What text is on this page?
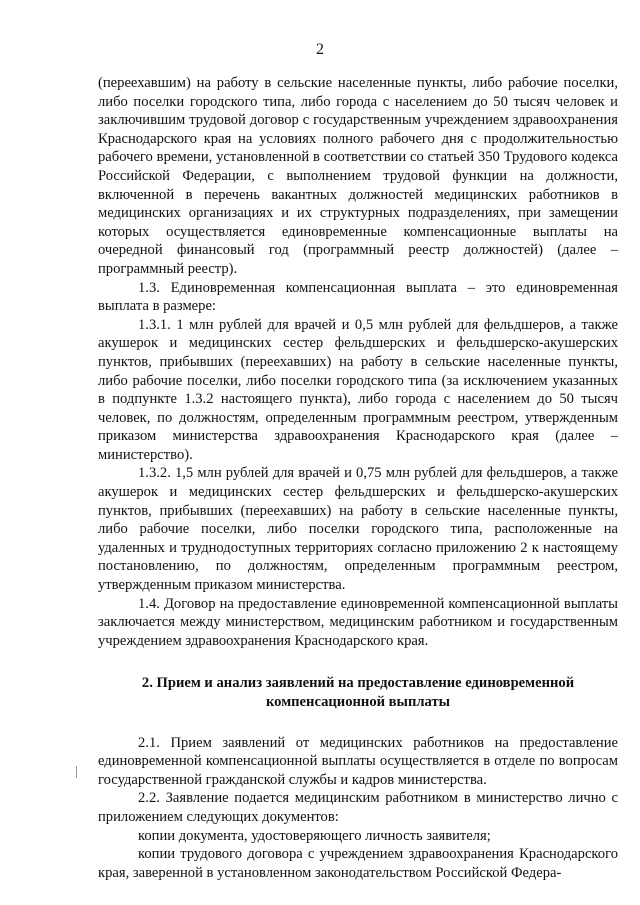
2

(переехавшим) на работу в сельские населенные пункты, либо рабочие поселки, либо поселки городского типа, либо города с населением до 50 тысяч человек и заключившим трудовой договор с государственным учреждением здравоохранения Краснодарского края на условиях полного рабочего дня с продолжительностью рабочего времени, установленной в соответствии со статьей 350 Трудового кодекса Российской Федерации, с выполнением трудовой функции на должности, включенной в перечень вакантных должностей медицинских работников в медицинских организациях и их структурных подразделениях, при замещении которых осуществляется единовременные компенсационные выплаты на очередной финансовый год (программный реестр должностей) (далее – программный реестр).

1.3. Единовременная компенсационная выплата – это единовременная выплата в размере:

1.3.1. 1 млн рублей для врачей и 0,5 млн рублей для фельдшеров, а также акушерок и медицинских сестер фельдшерских и фельдшерско-акушерских пунктов, прибывших (переехавших) на работу в сельские населенные пункты, либо рабочие поселки, либо поселки городского типа (за исключением указанных в подпункте 1.3.2 настоящего пункта), либо города с населением до 50 тысяч человек, по должностям, определенным программным реестром, утвержденным приказом министерства здравоохранения Краснодарского края (далее – министерство).

1.3.2. 1,5 млн рублей для врачей и 0,75 млн рублей для фельдшеров, а также акушерок и медицинских сестер фельдшерских и фельдшерско-акушерских пунктов, прибывших (переехавших) на работу в сельские населенные пункты, либо рабочие поселки, либо поселки городского типа, расположенные на удаленных и труднодоступных территориях согласно приложению 2 к настоящему постановлению, по должностям, определенным программным реестром, утвержденным приказом министерства.

1.4. Договор на предоставление единовременной компенсационной выплаты заключается между министерством, медицинским работником и государственным учреждением здравоохранения Краснодарского края.

2. Прием и анализ заявлений на предоставление единовременной
компенсационной выплаты

2.1. Прием заявлений от медицинских работников на предоставление единовременной компенсационной выплаты осуществляется в отделе по вопросам государственной гражданской службы и кадров министерства.

2.2. Заявление подается медицинским работником в министерство лично с приложением следующих документов:

копии документа, удостоверяющего личность заявителя;

копии трудового договора с учреждением здравоохранения Краснодарского края, заверенной в установленном законодательством Российской Федера-
